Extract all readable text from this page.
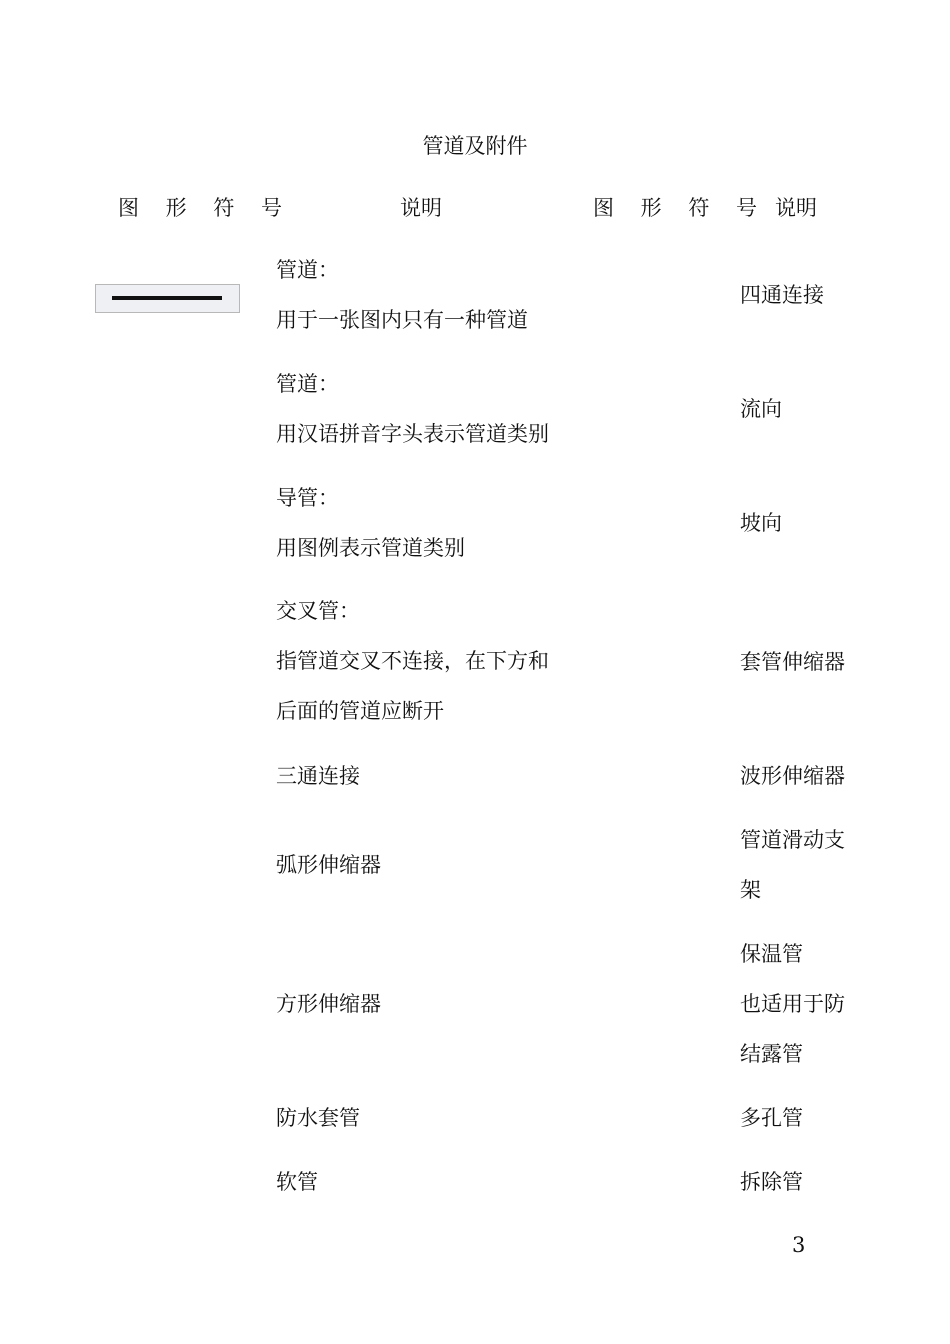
管道及附件
图 形 符 号	说明	图 形 符 号 说明
管道：
用于一张图内只有一种管道
管道：
用汉语拼音字头表示管道类别
导管：
用图例表示管道类别
交叉管：
指管道交叉不连接，在下方和
后面的管道应断开
三通连接
弧形伸缩器
方形伸缩器
防水套管
软管
四通连接
流向
坡向
套管伸缩器
波形伸缩器
管道滑动支
架
保温管
也适用于防
结露管
多孔管
拆除管
3
